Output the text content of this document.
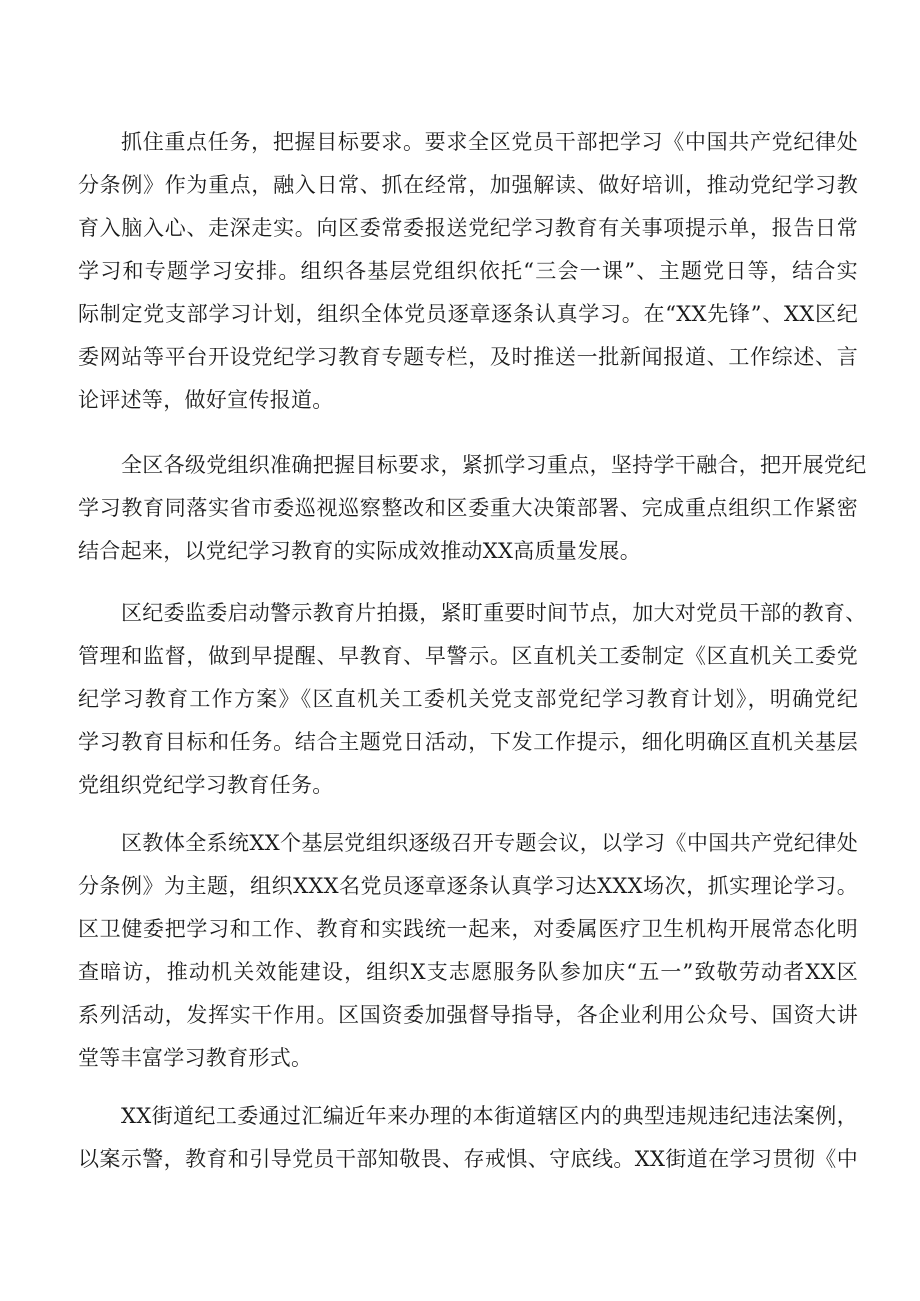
抓住重点任务，把握目标要求。要求全区党员干部把学习《中国共产党纪律处
分条例》作为重点，融入日常、抓在经常，加强解读、做好培训，推动党纪学习教
育入脑入心、走深走实。向区委常委报送党纪学习教育有关事项提示单，报告日常
学习和专题学习安排。组织各基层党组织依托“三会一课”、主题党日等，结合实
际制定党支部学习计划，组织全体党员逐章逐条认真学习。在“XX先锋”、XX区纪
委网站等平台开设党纪学习教育专题专栏，及时推送一批新闻报道、工作综述、言
论评述等，做好宣传报道。
全区各级党组织准确把握目标要求，紧抓学习重点，坚持学干融合，把开展党纪
学习教育同落实省市委巡视巡察整改和区委重大决策部署、完成重点组织工作紧密
结合起来，以党纪学习教育的实际成效推动XX高质量发展。
区纪委监委启动警示教育片拍摄，紧盯重要时间节点，加大对党员干部的教育、
管理和监督，做到早提醒、早教育、早警示。区直机关工委制定《区直机关工委党
纪学习教育工作方案》《区直机关工委机关党支部党纪学习教育计划》，明确党纪
学习教育目标和任务。结合主题党日活动，下发工作提示，细化明确区直机关基层
党组织党纪学习教育任务。
区教体全系统XX个基层党组织逐级召开专题会议，以学习《中国共产党纪律处
分条例》为主题，组织XXX名党员逐章逐条认真学习达XXX场次，抓实理论学习。
区卫健委把学习和工作、教育和实践统一起来，对委属医疗卫生机构开展常态化明
查暗访，推动机关效能建设，组织X支志愿服务队参加庆“五一”致敬劳动者XX区
系列活动，发挥实干作用。区国资委加强督导指导，各企业利用公众号、国资大讲
堂等丰富学习教育形式。
XX街道纪工委通过汇编近年来办理的本街道辖区内的典型违规违纪违法案例，
以案示警，教育和引导党员干部知敬畏、存戒惧、守底线。XX街道在学习贯彻《中
